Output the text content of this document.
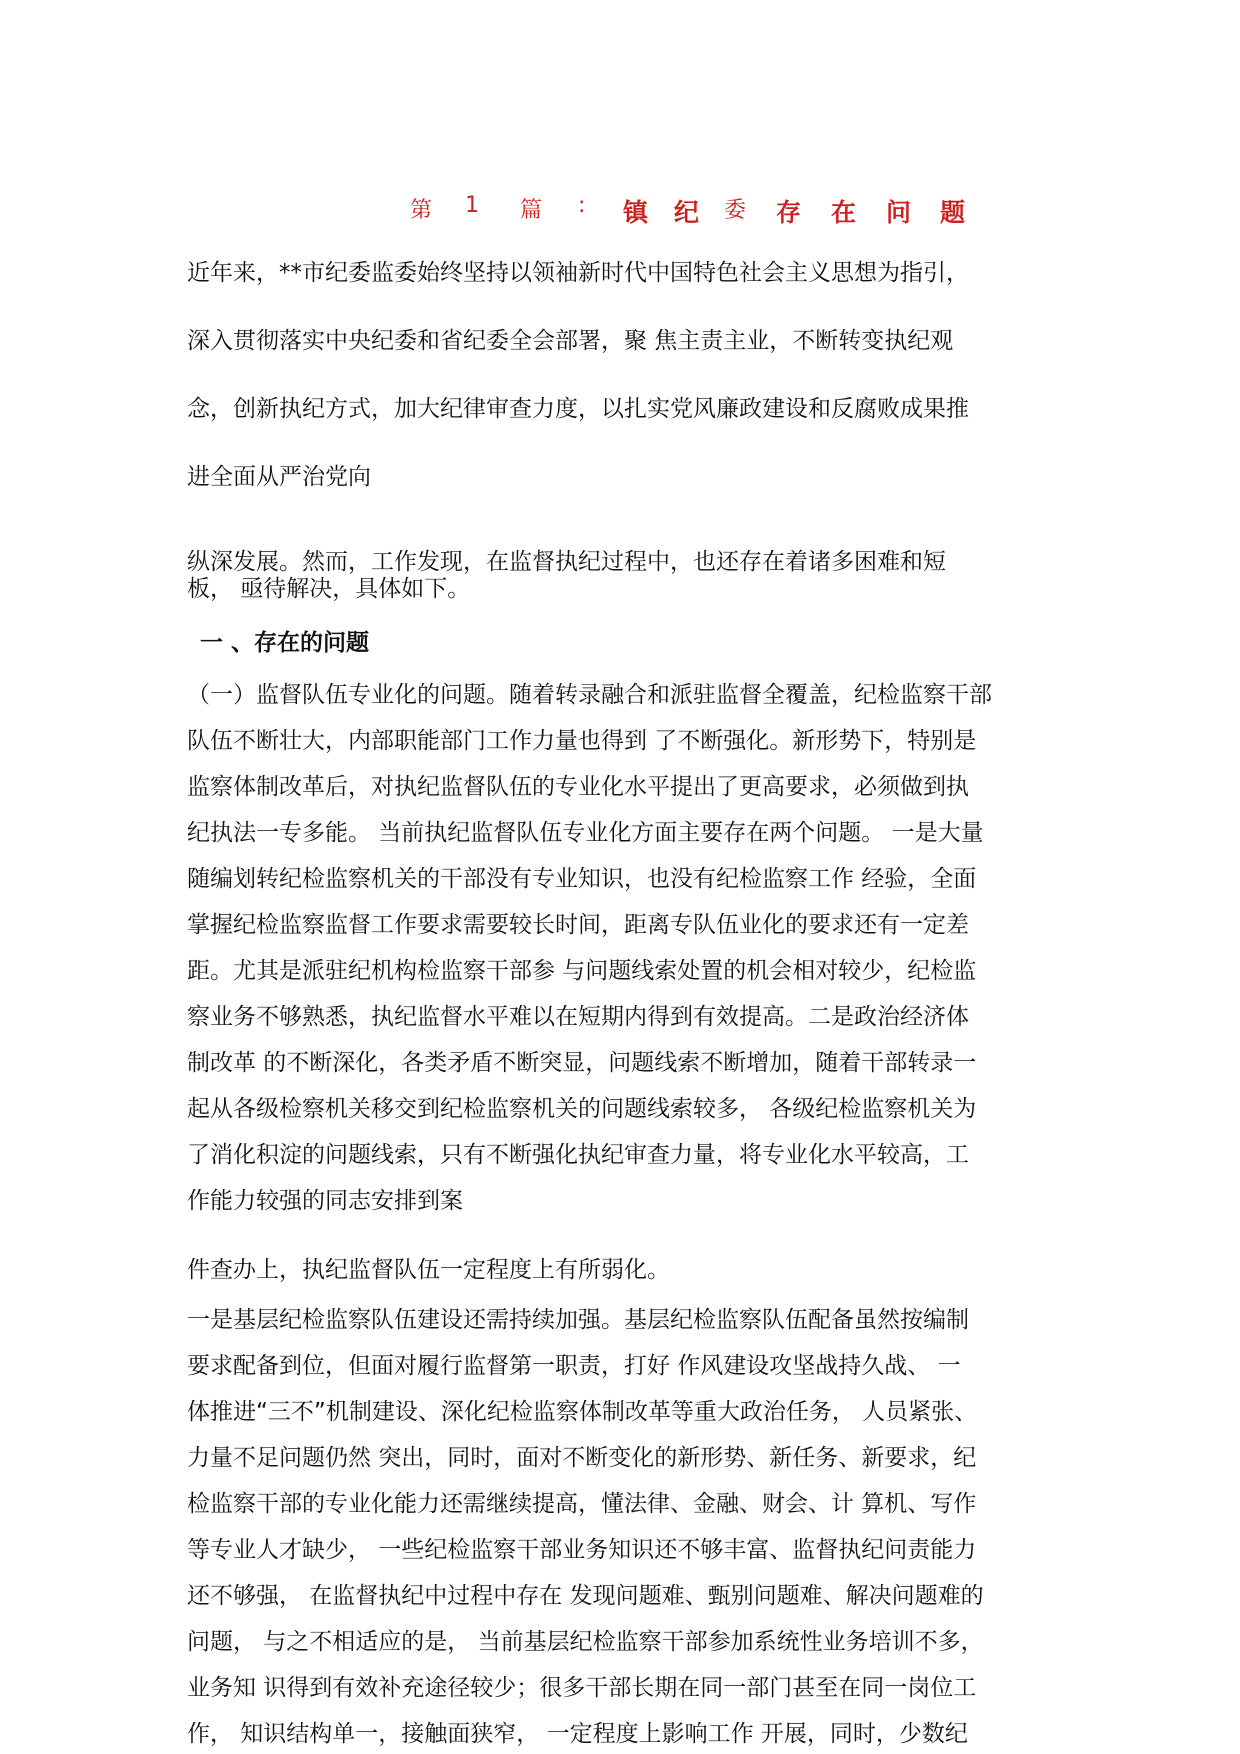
第 1 篇 : 镇 纪 委 存 在 问 题
近年来，**市纪委监委始终坚持以领袖新时代中国特色社会主义思想为指引，
深入贯彻落实中央纪委和省纪委全会部署，聚 焦主责主业，不断转变执纪观
念，创新执纪方式，加大纪律审查力度，以扎实党风廉政建设和反腐败成果推
进全面从严治党向
纵深发展。然而，工作发现，在监督执纪过程中，也还存在着诸多困难和短
板， 亟待解决，具体如下。
一 、存在的问题
（一）监督队伍专业化的问题。随着转录融合和派驻监督全覆盖，纪检监察干部
队伍不断壮大，内部职能部门工作力量也得到 了不断强化。新形势下，特别是
监察体制改革后，对执纪监督队伍的专业化水平提出了更高要求，必须做到执
纪执法一专多能。 当前执纪监督队伍专业化方面主要存在两个问题。 一是大量
随编划转纪检监察机关的干部没有专业知识，也没有纪检监察工作 经验，全面
掌握纪检监察监督工作要求需要较长时间，距离专队伍业化的要求还有一定差
距。尤其是派驻纪机构检监察干部参 与问题线索处置的机会相对较少，纪检监
察业务不够熟悉，执纪监督水平难以在短期内得到有效提高。二是政治经济体
制改革 的不断深化，各类矛盾不断突显，问题线索不断增加，随着干部转录一
起从各级检察机关移交到纪检监察机关的问题线索较多， 各级纪检监察机关为
了消化积淀的问题线索，只有不断强化执纪审查力量，将专业化水平较高，工
作能力较强的同志安排到案
件查办上，执纪监督队伍一定程度上有所弱化。
一是基层纪检监察队伍建设还需持续加强。基层纪检监察队伍配备虽然按编制
要求配备到位，但面对履行监督第一职责，打好 作风建设攻坚战持久战、 一
体推进“三不”机制建设、深化纪检监察体制改革等重大政治任务， 人员紧张、
力量不足问题仍然 突出，同时，面对不断变化的新形势、新任务、新要求，纪
检监察干部的专业化能力还需继续提高，懂法律、金融、财会、计 算机、写作
等专业人才缺少， 一些纪检监察干部业务知识还不够丰富、监督执纪问责能力
还不够强， 在监督执纪中过程中存在 发现问题难、甄别问题难、解决问题难的
问题， 与之不相适应的是， 当前基层纪检监察干部参加系统性业务培训不多，
业务知 识得到有效补充途径较少；很多干部长期在同一部门甚至在同一岗位工
作， 知识结构单一，接触面狭窄， 一定程度上影响工作 开展，同时，少数纪
